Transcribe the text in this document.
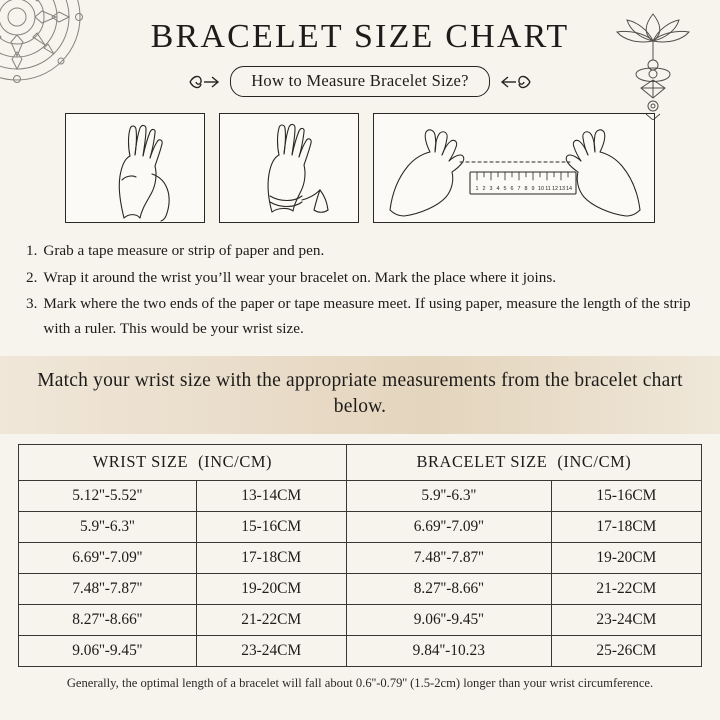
BRACELET SIZE CHART
How to Measure Bracelet Size?
1 2 3 4 5 6 7 8 9 10 11 12 13 14
1. Grab a tape measure or strip of paper and pen.
2. Wrap it around the wrist you’ll wear your bracelet on. Mark the place where it joins.
3. Mark where the two ends of the paper or tape measure meet. If using paper, measure the length of the strip with a ruler. This would be your wrist size.
Match your wrist size with the appropriate measurements from the bracelet chart below.
WRIST SIZE (INC/CM)		BRACELET SIZE (INC/CM)	
5.12''-5.52''	13-14CM	5.9''-6.3''	15-16CM
5.9''-6.3''	15-16CM	6.69''-7.09''	17-18CM
6.69''-7.09''	17-18CM	7.48''-7.87''	19-20CM
7.48''-7.87''	19-20CM	8.27''-8.66''	21-22CM
8.27''-8.66''	21-22CM	9.06''-9.45''	23-24CM
9.06''-9.45''	23-24CM	9.84''-10.23	25-26CM
Generally, the optimal length of a bracelet will fall about 0.6''-0.79'' (1.5-2cm) longer than your wrist circumference.
